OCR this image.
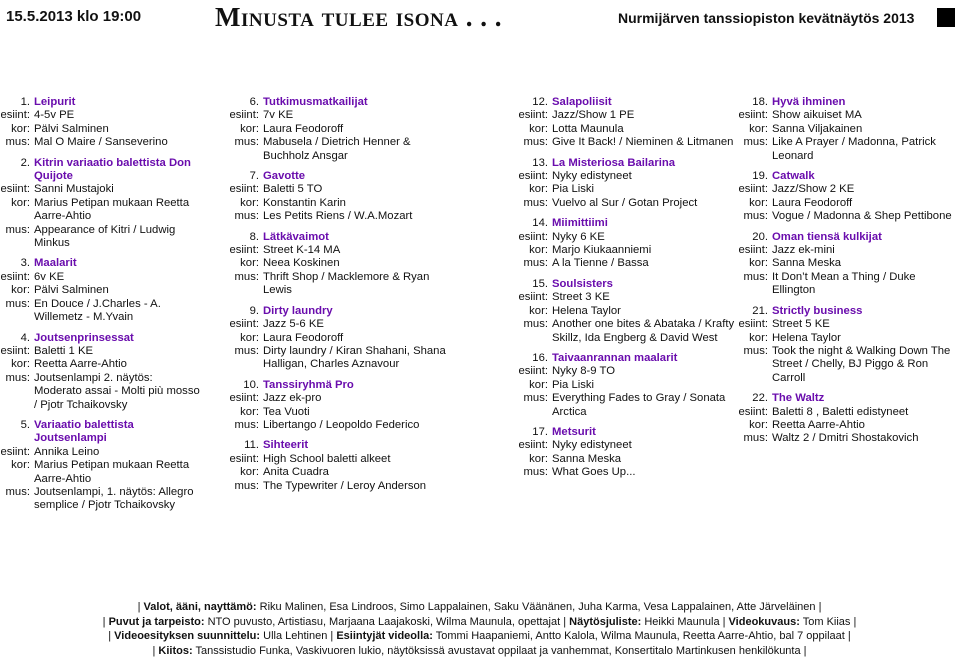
15.5.2013 klo 19:00	Minusta tulee isona . . .	Nurmijärven tanssiopiston kevätnäytös 2013
1. Leipurit
esiint: 4-5v PE
kor: Pälvi Salminen
mus: Mal O Maire / Sanseverino
2. Kitrin variaatio balettista Don Quijote
esiint: Sanni Mustajoki
kor: Marius Petipan mukaan Reetta Aarre-Ahtio
mus: Appearance of Kitri / Ludwig Minkus
3. Maalarit
esiint: 6v KE
kor: Pälvi Salminen
mus: En Douce / J.Charles - A. Willemetz - M.Yvain
4. Joutsenprinsessat
esiint: Baletti 1 KE
kor: Reetta Aarre-Ahtio
mus: Joutsenlampi 2. näytös: Moderato assai - Molti più mosso / Pjotr Tchaikovsky
5. Variaatio balettista Joutsenlampi
esiint: Annika Leino
kor: Marius Petipan mukaan Reetta Aarre-Ahtio
mus: Joutsenlampi, 1. näytös: Allegro semplice / Pjotr Tchaikovsky
6. Tutkimusmatkailijat
esiint: 7v KE
kor: Laura Feodoroff
mus: Mabusela / Dietrich Henner & Buchholz Ansgar
7. Gavotte
esiint: Baletti 5 TO
kor: Konstantin Karin
mus: Les Petits Riens / W.A.Mozart
8. Lätkävaimot
esiint: Street K-14 MA
kor: Neea Koskinen
mus: Thrift Shop / Macklemore & Ryan Lewis
9. Dirty laundry
esiint: Jazz 5-6 KE
kor: Laura Feodoroff
mus: Dirty laundry / Kiran Shahani, Shana Halligan, Charles Aznavour
10. Tanssiryhmä Pro
esiint: Jazz ek-pro
kor: Tea Vuoti
mus: Libertango / Leopoldo Federico
11. Sihteerit
esiint: High School baletti alkeet
kor: Anita Cuadra
mus: The Typewriter / Leroy Anderson
12. Salapoliisit
esiint: Jazz/Show 1 PE
kor: Lotta Maunula
mus: Give It Back! / Nieminen & Litmanen
13. La Misteriosa Bailarina
esiint: Nyky edistyneet
kor: Pia Liski
mus: Vuelvo al Sur / Gotan Project
14. Miimittiimi
esiint: Nyky 6 KE
kor: Marjo Kiukaanniemi
mus: A la Tienne / Bassa
15. Soulsisters
esiint: Street 3 KE
kor: Helena Taylor
mus: Another one bites & Abataka / Krafty Skillz, Ida Engberg & David West
16. Taivaanrannan maalarit
esiint: Nyky 8-9 TO
kor: Pia Liski
mus: Everything Fades to Gray / Sonata Arctica
17. Metsurit
esiint: Nyky edistyneet
kor: Sanna Meska
mus: What Goes Up...
18. Hyvä ihminen
esiint: Show aikuiset MA
kor: Sanna Viljakainen
mus: Like A Prayer / Madonna, Patrick Leonard
19. Catwalk
esiint: Jazz/Show 2 KE
kor: Laura Feodoroff
mus: Vogue / Madonna & Shep Pettibone
20. Oman tiensä kulkijat
esiint: Jazz ek-mini
kor: Sanna Meska
mus: It Don’t Mean a Thing / Duke Ellington
21. Strictly business
esiint: Street 5 KE
kor: Helena Taylor
mus: Took the night & Walking Down The Street / Chelly, BJ Piggo & Ron Carroll
22. The Waltz
esiint: Baletti 8 , Baletti edistyneet
kor: Reetta Aarre-Ahtio
mus: Waltz 2 / Dmitri Shostakovich
| Valot, ääni, nayttämö: Riku Malinen, Esa Lindroos, Simo Lappalainen, Saku Väänänen, Juha Karma, Vesa Lappalainen, Atte Järveläinen |
| Puvut ja tarpeisto: NTO puvusto, Artistiasu, Marjaana Laajakoski, Wilma Maunula, opettajat | Näytösjuliste: Heikki Maunula | Videokuvaus: Tom Kiias |
| Videoesityksen suunnittelu: Ulla Lehtinen | Esiintyjät videolla: Tommi Haapaniemi, Antto Kalola, Wilma Maunula, Reetta Aarre-Ahtio, bal 7 oppilaat |
| Kiitos: Tanssistudio Funka, Vaskivuoren lukio, näytöksissä avustavat oppilaat ja vanhemmat, Konsertitalo Martinkusen henkilökunta |
